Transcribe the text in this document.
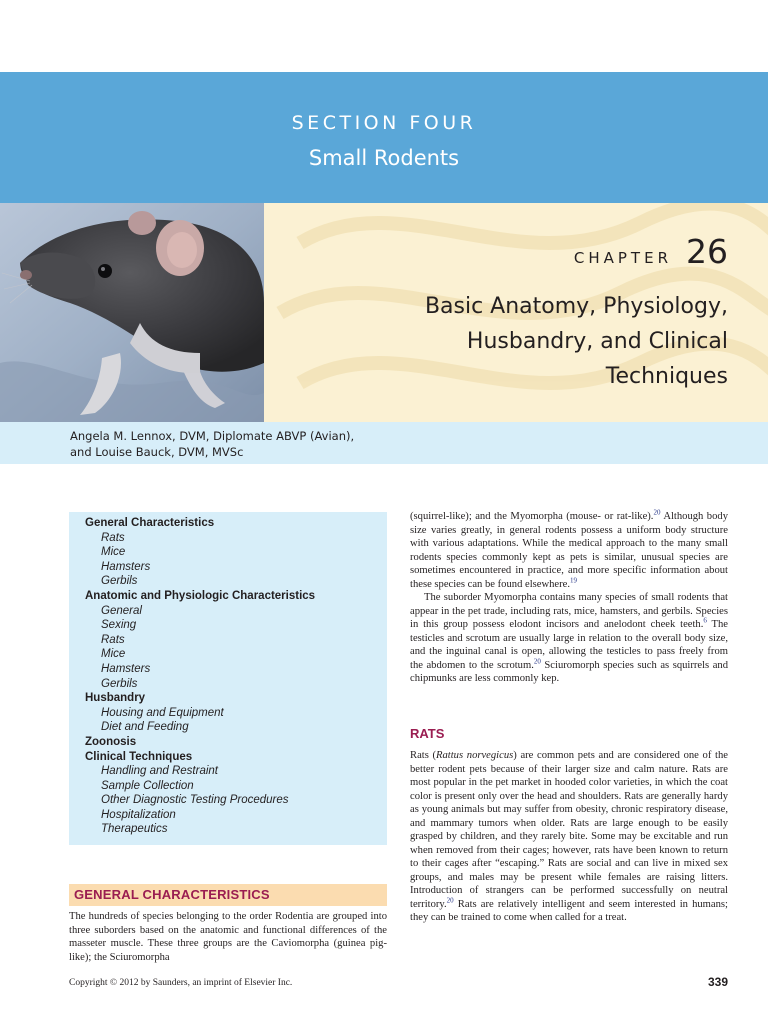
SECTION FOUR
Small Rodents
CHAPTER 26
Basic Anatomy, Physiology,
Husbandry, and Clinical
Techniques
Angela M. Lennox, DVM, Diplomate ABVP (Avian),
and Louise Bauck, DVM, MVSc
General Characteristics
Rats
Mice
Hamsters
Gerbils
Anatomic and Physiologic Characteristics
General
Sexing
Rats
Mice
Hamsters
Gerbils
Husbandry
Housing and Equipment
Diet and Feeding
Zoonosis
Clinical Techniques
Handling and Restraint
Sample Collection
Other Diagnostic Testing Procedures
Hospitalization
Therapeutics
GENERAL CHARACTERISTICS

The hundreds of species belonging to the order Rodentia are grouped into three suborders based on the anatomic and functional differences of the masseter muscle. These three groups are the Caviomorpha (guinea pig-like); the Sciuromorpha

(squirrel-like); and the Myomorpha (mouse- or rat-like).$^{20}$ Although body size varies greatly, in general rodents possess a uniform body structure with various adaptations. While the medical approach to the many small rodents species commonly kept as pets is similar, unusual species are sometimes encountered in practice, and more specific information about these species can be found elsewhere.$^{19}$

The suborder Myomorpha contains many species of small rodents that appear in the pet trade, including rats, mice, hamsters, and gerbils. Species in this group possess elodont incisors and anelodont cheek teeth.$^6$ The testicles and scrotum are usually large in relation to the overall body size, and the inguinal canal is open, allowing the testicles to pass freely from the abdomen to the scrotum.$^{20}$ Sciuromorph species such as squirrels and chipmunks are less commonly kep.

RATS

Rats (Rattus norvegicus) are common pets and are considered one of the better rodent pets because of their larger size and calm nature. Rats are most popular in the pet market in hooded color varieties, in which the coat color is present only over the head and shoulders. Rats are generally hardy as young animals but may suffer from obesity, chronic respiratory disease, and mammary tumors when older. Rats are large enough to be easily grasped by children, and they rarely bite. Some may be excitable and run when removed from their cages; however, rats have been known to return to their cages after “escaping.” Rats are social and can live in mixed sex groups, and males may be present while females are raising litters. Introduction of strangers can be performed successfully on neutral territory.$^{20}$ Rats are relatively intelligent and seem interested in humans; they can be trained to come when called for a treat.

Copyright © 2012 by Saunders, an imprint of Elsevier Inc.	339
